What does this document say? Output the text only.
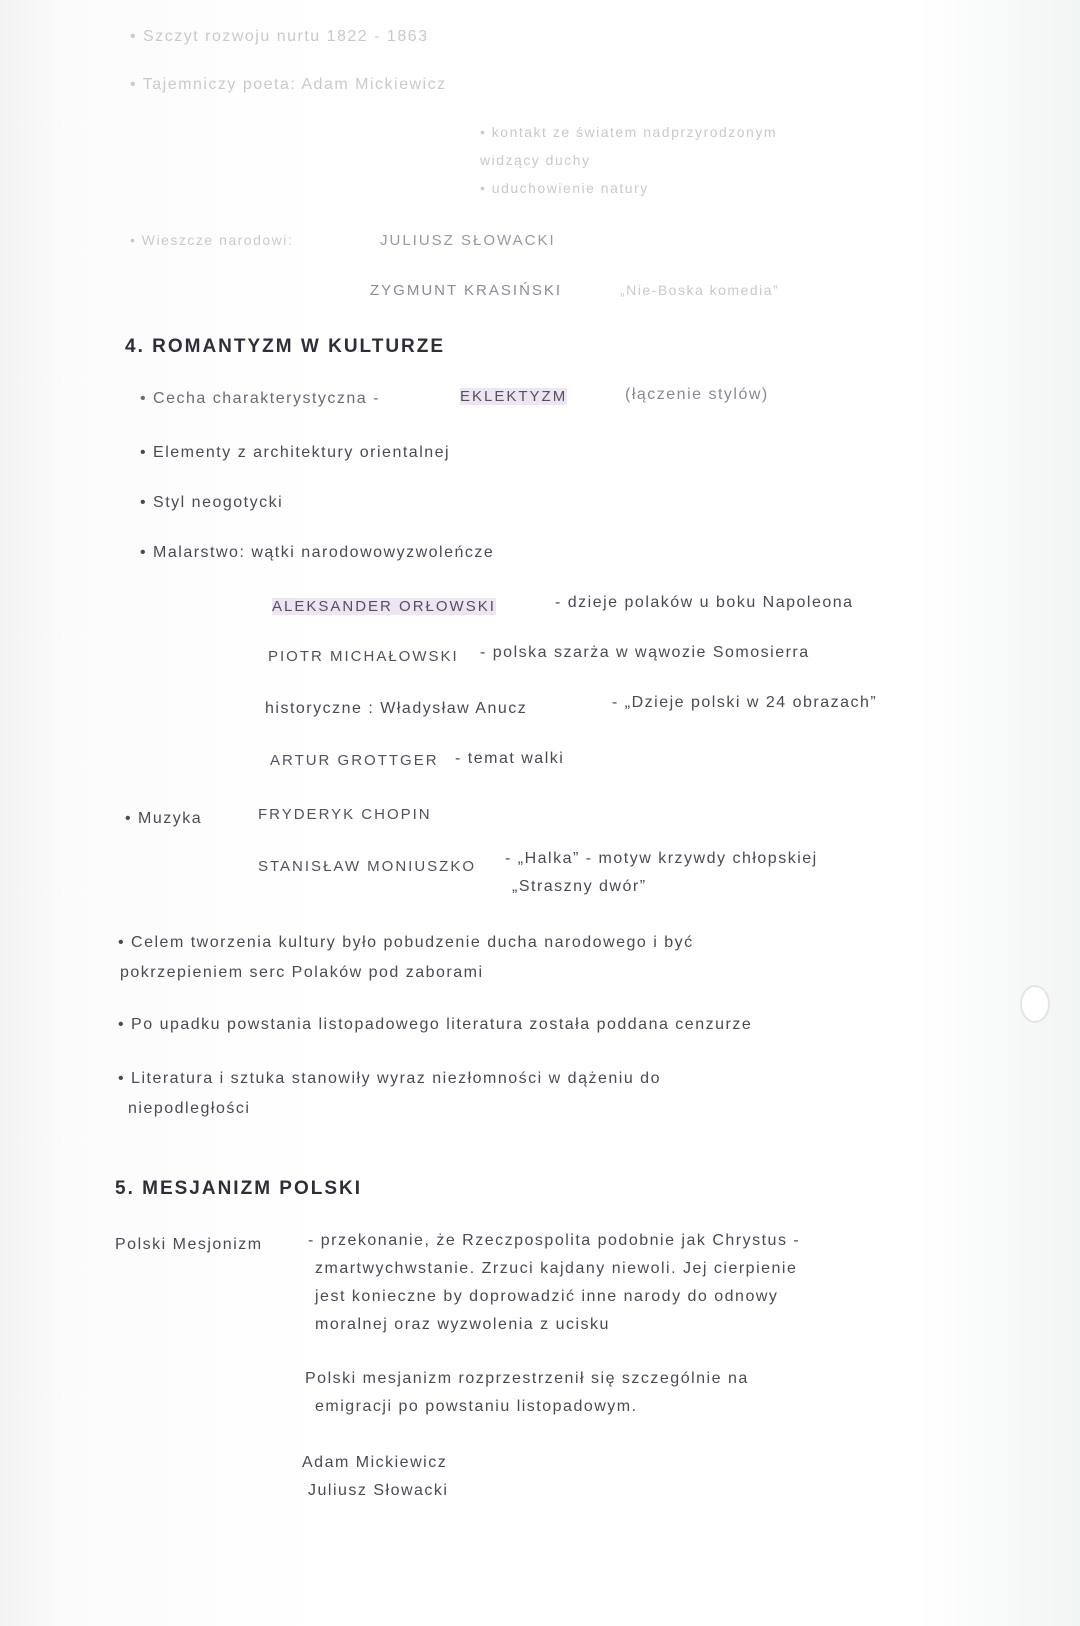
• Szczyt rozwoju nurtu 1822 - 1863
• Tajemniczy poeta: Adam Mickiewicz
• kontakt ze światem nadprzyrodzonym
widzący duchy
• uduchowienie natury
• Wieszcze narodowi:	JULIUSZ SŁOWACKI
ZYGMUNT KRASIŃSKI	„Nie-Boska komedia”
4. ROMANTYZM W KULTURZE
• Cecha charakterystyczna -	EKLEKTYZM	(łączenie stylów)
• Elementy z architektury orientalnej
• Styl neogotycki
• Malarstwo: wątki narodowowyzwoleńcze
ALEKSANDER ORŁOWSKI	- dzieje polaków u boku Napoleona
PIOTR MICHAŁOWSKI - polska szarża w wąwozie Somosierra
historyczne : Władysław Anucz	- „Dzieje polski w 24 obrazach”
ARTUR GROTTGER - temat walki
• Muzyka	FRYDERYK CHOPIN
STANISŁAW MONIUSZKO - „Halka” - motyw krzywdy chłopskiej
„Straszny dwór”
• Celem tworzenia kultury było pobudzenie ducha narodowego i być
pokrzepieniem serc Polaków pod zaborami
• Po upadku powstania listopadowego literatura została poddana cenzurze
• Literatura i sztuka stanowiły wyraz niezłomności w dążeniu do
niepodległości
5. MESJANIZM POLSKI
Polski Mesjonizm	- przekonanie, że Rzeczpospolita podobnie jak Chrystus -
zmartwychwstanie. Zrzuci kajdany niewoli. Jej cierpienie
jest konieczne by doprowadzić inne narody do odnowy
moralnej oraz wyzwolenia z ucisku
Polski mesjanizm rozprzestrzenił się szczególnie na
emigracji po powstaniu listopadowym.
Adam Mickiewicz
Juliusz Słowacki
